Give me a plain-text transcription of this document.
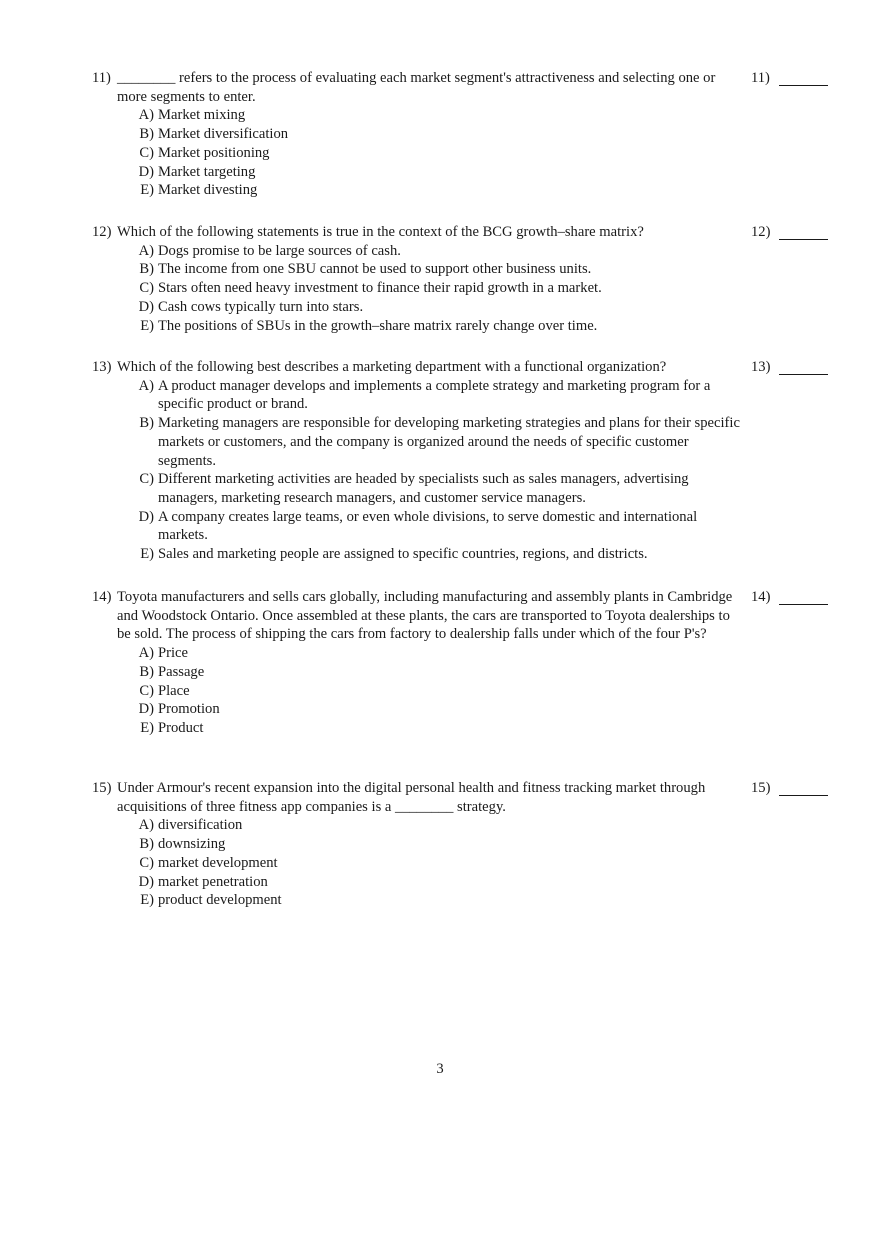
11) ________ refers to the process of evaluating each market segment's attractiveness and selecting one or more segments to enter.
A) Market mixing
B) Market diversification
C) Market positioning
D) Market targeting
E) Market divesting
11)
12) Which of the following statements is true in the context of the BCG growth–share matrix?
A) Dogs promise to be large sources of cash.
B) The income from one SBU cannot be used to support other business units.
C) Stars often need heavy investment to finance their rapid growth in a market.
D) Cash cows typically turn into stars.
E) The positions of SBUs in the growth–share matrix rarely change over time.
12)
13) Which of the following best describes a marketing department with a functional organization?
A) A product manager develops and implements a complete strategy and marketing program for a specific product or brand.
B) Marketing managers are responsible for developing marketing strategies and plans for their specific markets or customers, and the company is organized around the needs of specific customer segments.
C) Different marketing activities are headed by specialists such as sales managers, advertising managers, marketing research managers, and customer service managers.
D) A company creates large teams, or even whole divisions, to serve domestic and international markets.
E) Sales and marketing people are assigned to specific countries, regions, and districts.
13)
14) Toyota manufacturers and sells cars globally, including manufacturing and assembly plants in Cambridge and Woodstock Ontario. Once assembled at these plants, the cars are transported to Toyota dealerships to be sold. The process of shipping the cars from factory to dealership falls under which of the four P's?
A) Price
B) Passage
C) Place
D) Promotion
E) Product
14)
15) Under Armour's recent expansion into the digital personal health and fitness tracking market through acquisitions of three fitness app companies is a ________ strategy.
A) diversification
B) downsizing
C) market development
D) market penetration
E) product development
15)
3
